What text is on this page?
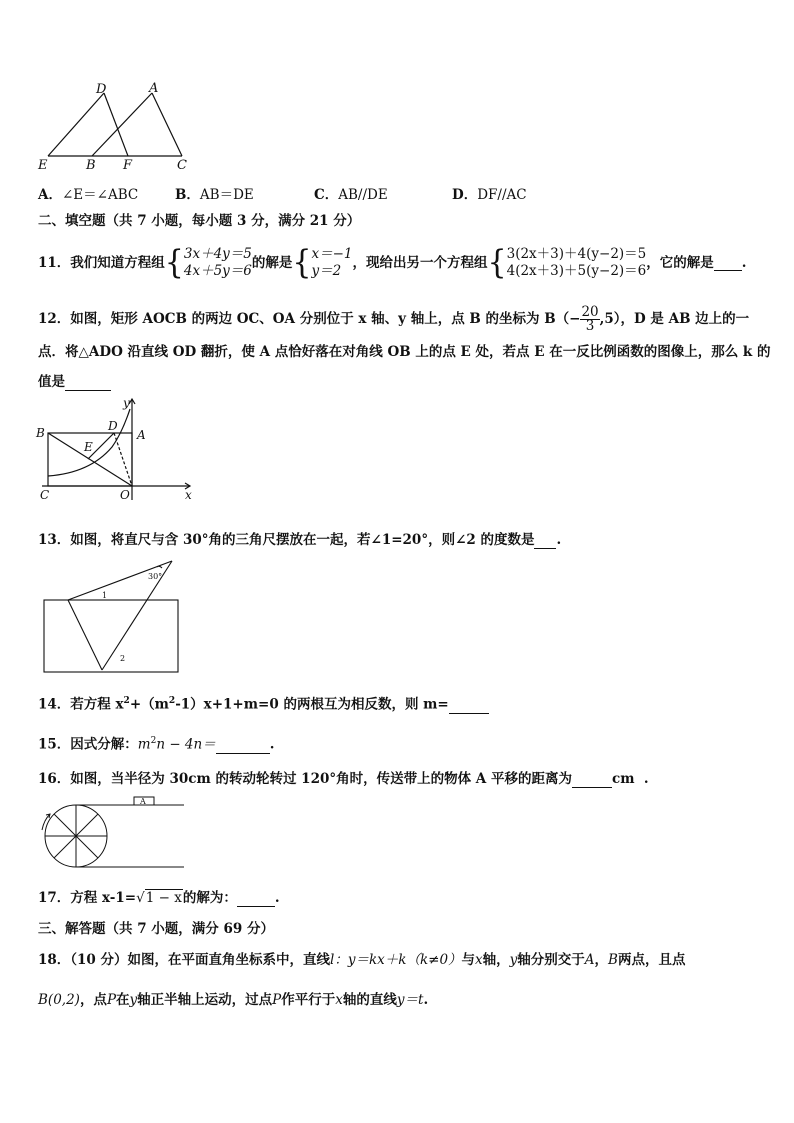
D	A
E	B F	C
A．∠E＝∠ABC	B．AB＝DE	C．AB//DE	D．DF//AC
二、填空题（共 7 小题，每小题 3 分，满分 21 分）
11． 我们知道方程组 { 3x＋4y＝5
4x＋5y＝6 的解是 { x＝−1
y＝2 ，现给出另一个方程组 { 3(2x＋3)＋4(y−2)＝5
4(2x＋3)＋5(y−2)＝6 ，它的解是 .
12．如图，矩形 AOCB 的两边 OC、OA 分别位于 x 轴、y 轴上，点 B 的坐标为 $B(- \frac{20}{3} ,5)$，D 是 AB 边上的一
点．将△ADO 沿直线 OD 翻折，使 A 点恰好落在对角线 OB 上的点 E 处，若点 E 在一反比例函数的图像上，那么 k 的
值是
y
B	D
A
E
C	O	x
13．如图，将直尺与含 30°角的三角尺摆放在一起，若∠1=20°，则∠2 的度数是 .
30°
1
2
14．若方程 $x^2+(m^2-1)x+1+m=0$ 的两根互为相反数，则 m=
15．因式分解：$m^2n - 4n=$	.
16．如图，当半径为 30cm 的转动轮转过 120°角时，传送带上的物体 A 平移的距离为	cm .
A
17．方程 x-1=√1 − x的解为：	.
三、解答题（共 7 小题，满分 69 分）
18．（10 分）如图，在平面直角坐标系中，直线l：y＝kx＋k（k≠0）与x轴，y轴分别交于A，B两点，且点
B(0,2)，点P在y轴正半轴上运动，过点P作平行于x轴的直线y＝t.
